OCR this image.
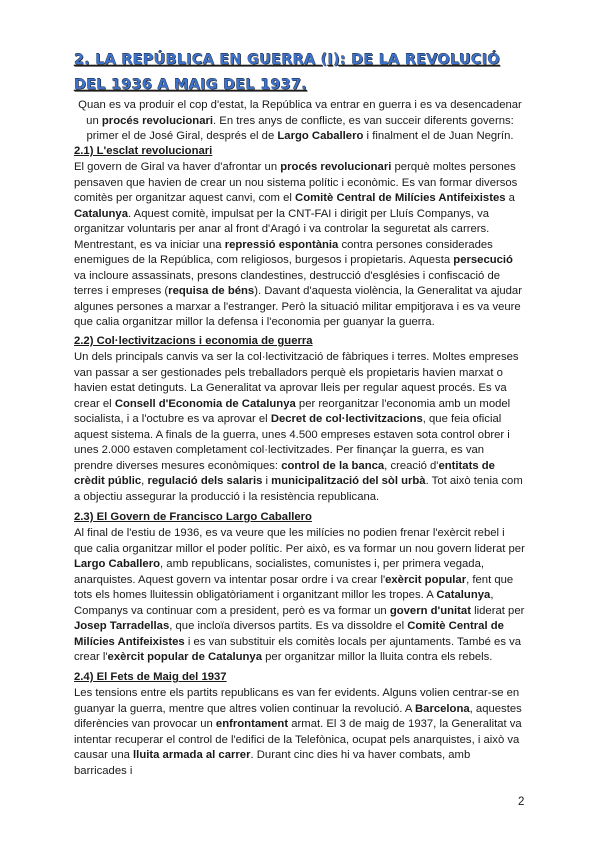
2. LA REPÚBLICA EN GUERRA (I): DE LA REVOLUCIÓ DEL 1936 A MAIG DEL 1937.

Quan es va produir el cop d'estat, la República va entrar en guerra i es va desencadenar un procés revolucionari. En tres anys de conflicte, es van succeir diferents governs: primer el de José Giral, després el de Largo Caballero i finalment el de Juan Negrín.

2.1) L'esclat revolucionari

El govern de Giral va haver d'afrontar un procés revolucionari perquè moltes persones pensaven que havien de crear un nou sistema polític i econòmic. Es van formar diversos comitès per organitzar aquest canvi, com el Comitè Central de Milícies Antifeixistes a Catalunya. Aquest comitè, impulsat per la CNT-FAI i dirigit per Lluís Companys, va organitzar voluntaris per anar al front d'Aragó i va controlar la seguretat als carrers. Mentrestant, es va iniciar una repressió espontània contra persones considerades enemigues de la República, com religiosos, burgesos i propietaris. Aquesta persecució va incloure assassinats, presons clandestines, destrucció d'esglésies i confiscació de terres i empreses (requisa de béns). Davant d'aquesta violència, la Generalitat va ajudar algunes persones a marxar a l'estranger. Però la situació militar empitjorava i es va veure que calia organitzar millor la defensa i l'economia per guanyar la guerra.

2.2) Col·lectivitzacions i economia de guerra

Un dels principals canvis va ser la col·lectivització de fàbriques i terres. Moltes empreses van passar a ser gestionades pels treballadors perquè els propietaris havien marxat o havien estat detinguts. La Generalitat va aprovar lleis per regular aquest procés. Es va crear el Consell d'Economia de Catalunya per reorganitzar l'economia amb un model socialista, i a l'octubre es va aprovar el Decret de col·lectivitzacions, que feia oficial aquest sistema. A finals de la guerra, unes 4.500 empreses estaven sota control obrer i unes 2.000 estaven completament col·lectivitzades. Per finançar la guerra, es van prendre diverses mesures econòmiques: control de la banca, creació d'entitats de crèdit públic, regulació dels salaris i municipalització del sòl urbà. Tot això tenia com a objectiu assegurar la producció i la resistència republicana.

2.3) El Govern de Francisco Largo Caballero

Al final de l'estiu de 1936, es va veure que les milícies no podien frenar l'exèrcit rebel i que calia organitzar millor el poder polític. Per això, es va formar un nou govern liderat per Largo Caballero, amb republicans, socialistes, comunistes i, per primera vegada, anarquistes. Aquest govern va intentar posar ordre i va crear l'exèrcit popular, fent que tots els homes lluitessin obligatòriament i organitzant millor les tropes. A Catalunya, Companys va continuar com a president, però es va formar un govern d'unitat liderat per Josep Tarradellas, que incloïa diversos partits. Es va dissoldre el Comitè Central de Milícies Antifeixistes i es van substituir els comitès locals per ajuntaments. També es va crear l'exèrcit popular de Catalunya per organitzar millor la lluita contra els rebels.

2.4) El Fets de Maig del 1937

Les tensions entre els partits republicans es van fer evidents. Alguns volien centrar-se en guanyar la guerra, mentre que altres volien continuar la revolució. A Barcelona, aquestes diferències van provocar un enfrontament armat. El 3 de maig de 1937, la Generalitat va intentar recuperar el control de l'edifici de la Telefònica, ocupat pels anarquistes, i això va causar una lluita armada al carrer. Durant cinc dies hi va haver combats, amb barricades i

2
